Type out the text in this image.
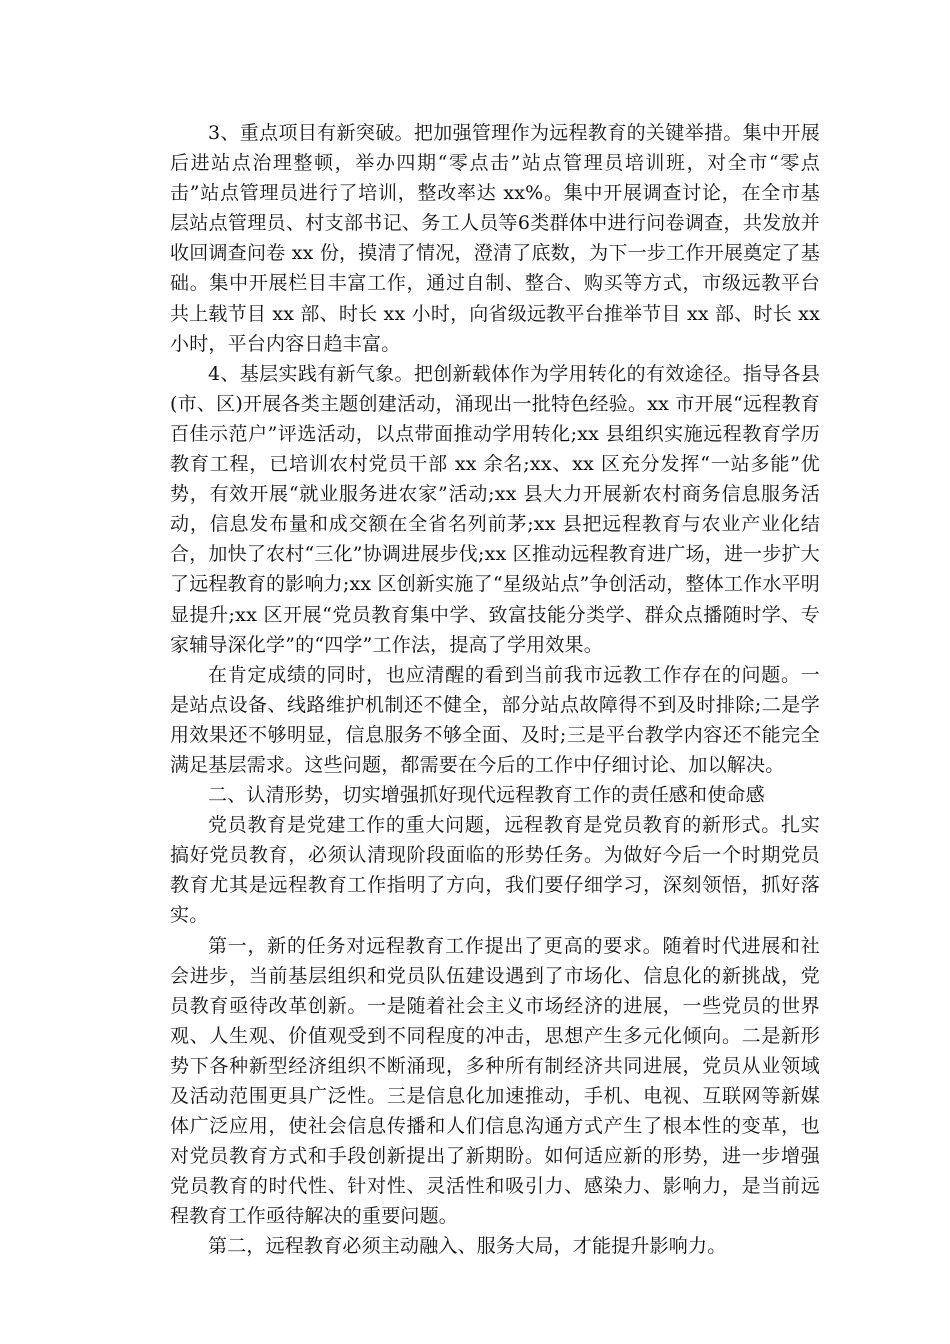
3、重点项目有新突破。把加强管理作为远程教育的关键举措。集中开展后进站点治理整顿，举办四期“零点击”站点管理员培训班，对全市“零点击”站点管理员进行了培训，整改率达 xx%。集中开展调查讨论，在全市基层站点管理员、村支部书记、务工人员等6类群体中进行问卷调查，共发放并收回调查问卷 xx 份，摸清了情况，澄清了底数，为下一步工作开展奠定了基础。集中开展栏目丰富工作，通过自制、整合、购买等方式，市级远教平台共上载节目 xx 部、时长 xx 小时，向省级远教平台推举节目 xx 部、时长 xx 小时，平台内容日趋丰富。

4、基层实践有新气象。把创新载体作为学用转化的有效途径。指导各县(市、区)开展各类主题创建活动，涌现出一批特色经验。xx 市开展“远程教育百佳示范户”评选活动，以点带面推动学用转化;xx 县组织实施远程教育学历教育工程，已培训农村党员干部 xx 余名;xx、xx 区充分发挥“一站多能”优势，有效开展“就业服务进农家”活动;xx 县大力开展新农村商务信息服务活动，信息发布量和成交额在全省名列前茅;xx 县把远程教育与农业产业化结合，加快了农村“三化”协调进展步伐;xx 区推动远程教育进广场，进一步扩大了远程教育的影响力;xx 区创新实施了“星级站点”争创活动，整体工作水平明显提升;xx 区开展“党员教育集中学、致富技能分类学、群众点播随时学、专家辅导深化学”的“四学”工作法，提高了学用效果。

在肯定成绩的同时，也应清醒的看到当前我市远教工作存在的问题。一是站点设备、线路维护机制还不健全，部分站点故障得不到及时排除;二是学用效果还不够明显，信息服务不够全面、及时;三是平台教学内容还不能完全满足基层需求。这些问题，都需要在今后的工作中仔细讨论、加以解决。

二、认清形势，切实增强抓好现代远程教育工作的责任感和使命感

党员教育是党建工作的重大问题，远程教育是党员教育的新形式。扎实搞好党员教育，必须认清现阶段面临的形势任务。为做好今后一个时期党员教育尤其是远程教育工作指明了方向，我们要仔细学习，深刻领悟，抓好落实。

第一，新的任务对远程教育工作提出了更高的要求。随着时代进展和社会进步，当前基层组织和党员队伍建设遇到了市场化、信息化的新挑战，党员教育亟待改革创新。一是随着社会主义市场经济的进展，一些党员的世界观、人生观、价值观受到不同程度的冲击，思想产生多元化倾向。二是新形势下各种新型经济组织不断涌现，多种所有制经济共同进展，党员从业领域及活动范围更具广泛性。三是信息化加速推动，手机、电视、互联网等新媒体广泛应用，使社会信息传播和人们信息沟通方式产生了根本性的变革，也对党员教育方式和手段创新提出了新期盼。如何适应新的形势，进一步增强党员教育的时代性、针对性、灵活性和吸引力、感染力、影响力，是当前远程教育工作亟待解决的重要问题。

第二，远程教育必须主动融入、服务大局，才能提升影响力。
